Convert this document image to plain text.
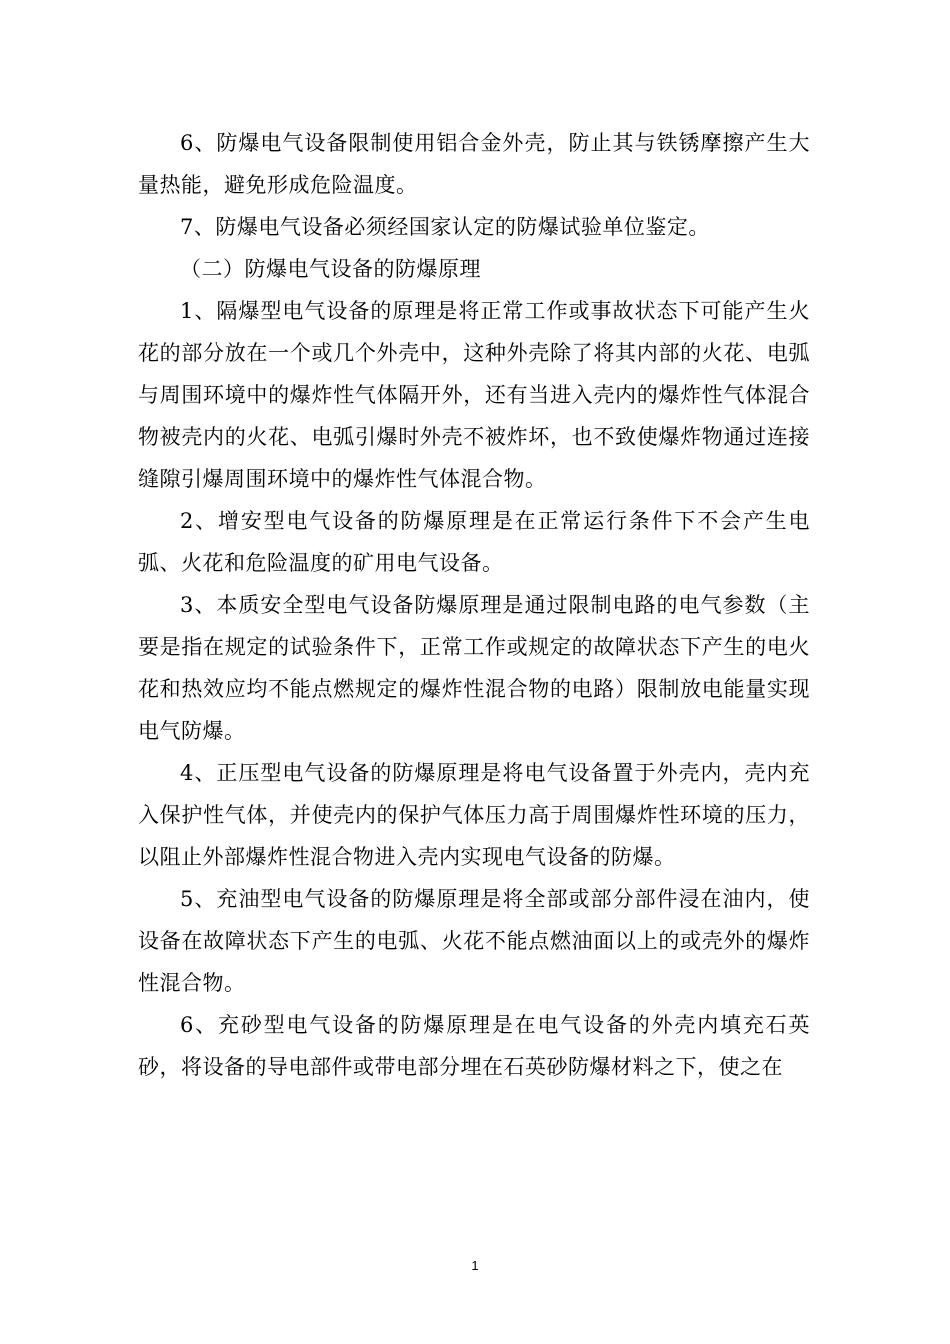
6、防爆电气设备限制使用铝合金外壳，防止其与铁锈摩擦产生大量热能，避免形成危险温度。

7、防爆电气设备必须经国家认定的防爆试验单位鉴定。

（二）防爆电气设备的防爆原理

1、隔爆型电气设备的原理是将正常工作或事故状态下可能产生火花的部分放在一个或几个外壳中，这种外壳除了将其内部的火花、电弧与周围环境中的爆炸性气体隔开外，还有当进入壳内的爆炸性气体混合物被壳内的火花、电弧引爆时外壳不被炸坏，也不致使爆炸物通过连接缝隙引爆周围环境中的爆炸性气体混合物。

2、增安型电气设备的防爆原理是在正常运行条件下不会产生电弧、火花和危险温度的矿用电气设备。

3、本质安全型电气设备防爆原理是通过限制电路的电气参数（主要是指在规定的试验条件下，正常工作或规定的故障状态下产生的电火花和热效应均不能点燃规定的爆炸性混合物的电路）限制放电能量实现电气防爆。

4、正压型电气设备的防爆原理是将电气设备置于外壳内，壳内充入保护性气体，并使壳内的保护气体压力高于周围爆炸性环境的压力，以阻止外部爆炸性混合物进入壳内实现电气设备的防爆。

5、充油型电气设备的防爆原理是将全部或部分部件浸在油内，使设备在故障状态下产生的电弧、火花不能点燃油面以上的或壳外的爆炸性混合物。

6、充砂型电气设备的防爆原理是在电气设备的外壳内填充石英砂，将设备的导电部件或带电部分埋在石英砂防爆材料之下，使之在

1
